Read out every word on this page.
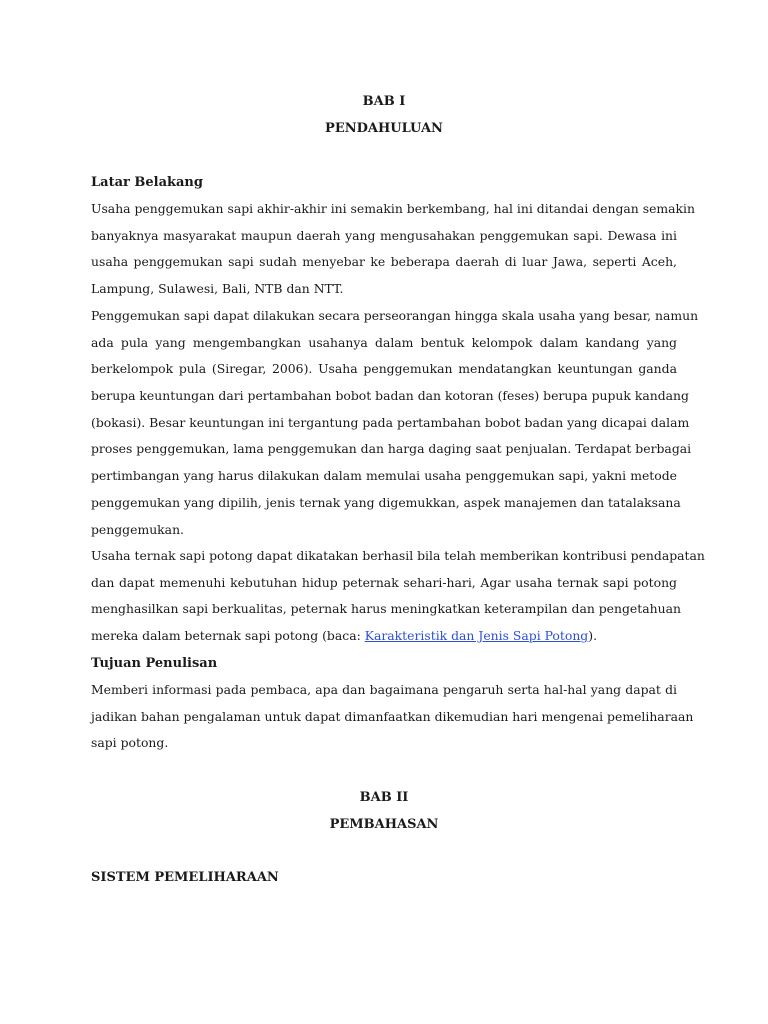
BAB I

PENDAHULUAN

Latar Belakang

Usaha penggemukan sapi akhir-akhir ini semakin berkembang, hal ini ditandai dengan semakin
banyaknya masyarakat maupun daerah yang mengusahakan penggemukan sapi. Dewasa ini
usaha penggemukan sapi sudah menyebar ke beberapa daerah di luar Jawa, seperti Aceh,
Lampung, Sulawesi, Bali, NTB dan NTT.
Penggemukan sapi dapat dilakukan secara perseorangan hingga skala usaha yang besar, namun
ada pula yang mengembangkan usahanya dalam bentuk kelompok dalam kandang yang
berkelompok pula (Siregar, 2006). Usaha penggemukan mendatangkan keuntungan ganda
berupa keuntungan dari pertambahan bobot badan dan kotoran (feses) berupa pupuk kandang
(bokasi). Besar keuntungan ini tergantung pada pertambahan bobot badan yang dicapai dalam
proses penggemukan, lama penggemukan dan harga daging saat penjualan. Terdapat berbagai
pertimbangan yang harus dilakukan dalam memulai usaha penggemukan sapi, yakni metode
penggemukan yang dipilih, jenis ternak yang digemukkan, aspek manajemen dan tatalaksana
penggemukan.
Usaha ternak sapi potong dapat dikatakan berhasil bila telah memberikan kontribusi pendapatan
dan dapat memenuhi kebutuhan hidup peternak sehari-hari, Agar usaha ternak sapi potong
menghasilkan sapi berkualitas, peternak harus meningkatkan keterampilan dan pengetahuan
mereka dalam beternak sapi potong (baca: Karakteristik dan Jenis Sapi Potong).

Tujuan Penulisan

Memberi informasi pada pembaca, apa dan bagaimana pengaruh serta hal-hal yang dapat di
jadikan bahan pengalaman untuk dapat dimanfaatkan dikemudian hari mengenai pemeliharaan
sapi potong.

BAB II

PEMBAHASAN

SISTEM PEMELIHARAAN
